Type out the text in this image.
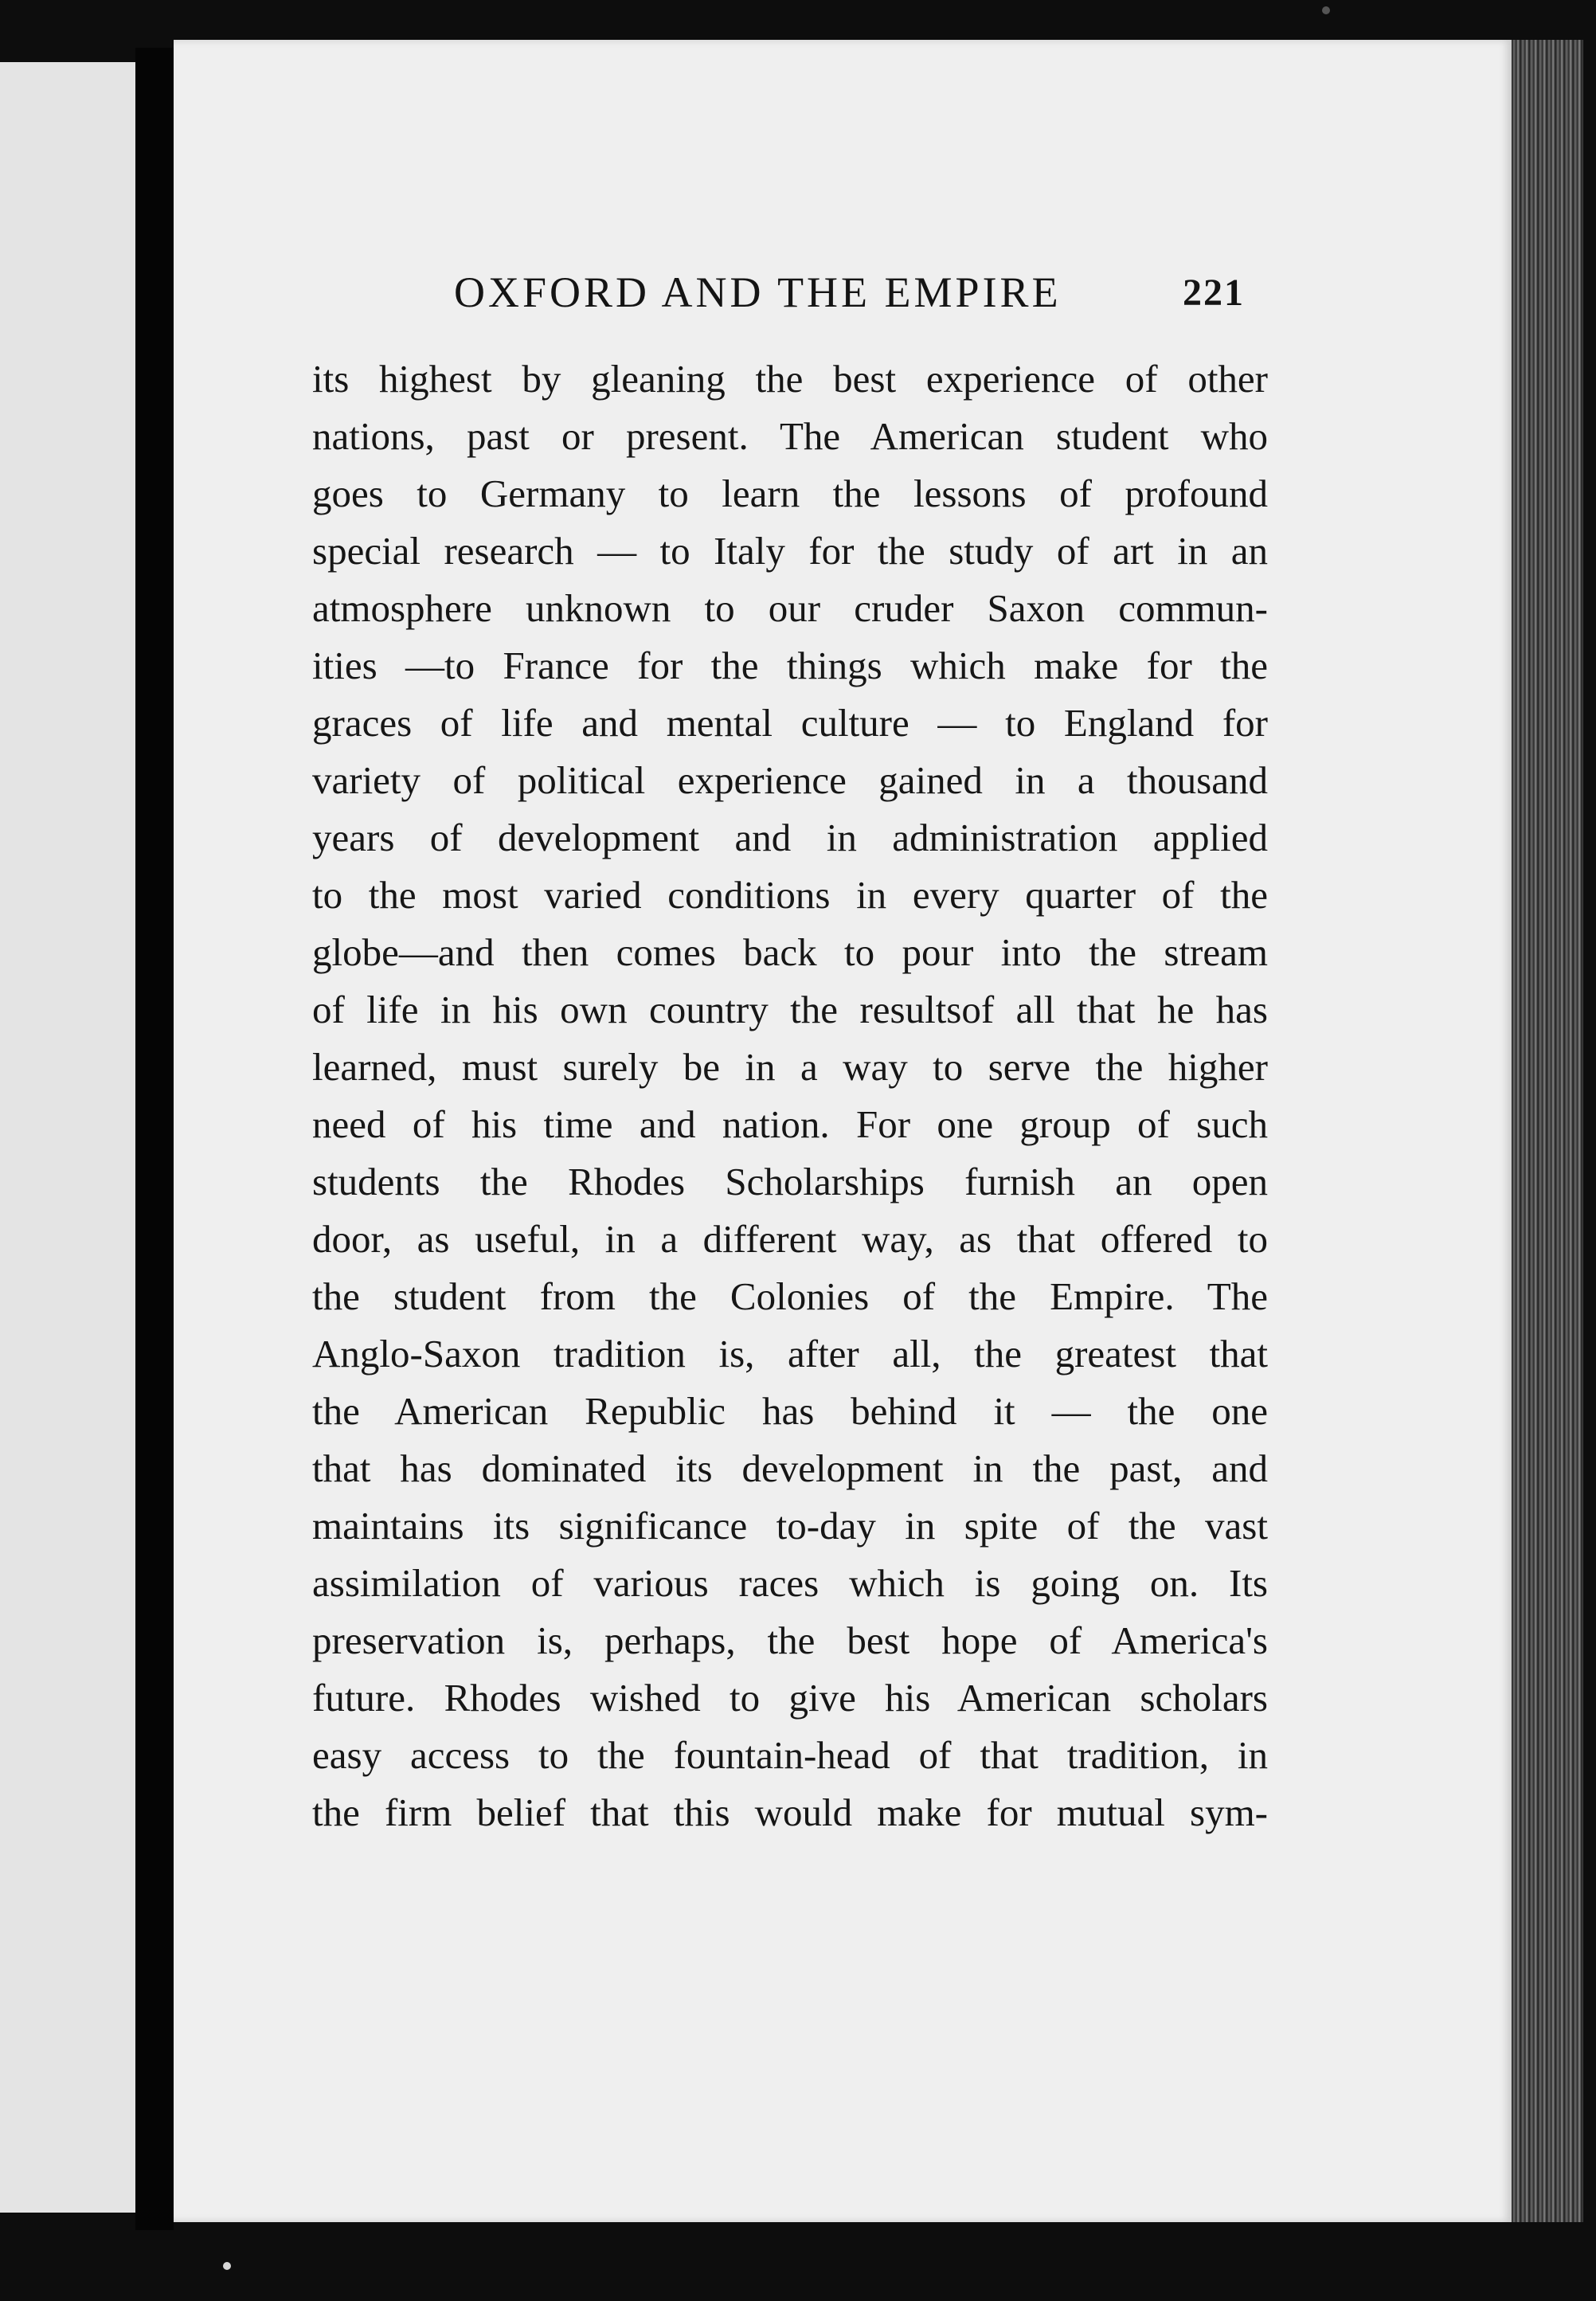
OXFORD AND THE EMPIRE	221
its highest by gleaning the best experience of other
nations, past or present. The American student who
goes to Germany to learn the lessons of profound
special research — to Italy for the study of art in an
atmosphere unknown to our cruder Saxon commun-
ities —to France for the things which make for the
graces of life and mental culture — to England for
variety of political experience gained in a thousand
years of development and in administration applied
to the most varied conditions in every quarter of the
globe—and then comes back to pour into the stream
of life in his own country the resultsof all that he has
learned, must surely be in a way to serve the higher
need of his time and nation. For one group of such
students the Rhodes Scholarships furnish an open
door, as useful, in a different way, as that offered to
the student from the Colonies of the Empire. The
Anglo-Saxon tradition is, after all, the greatest that
the American Republic has behind it — the one
that has dominated its development in the past, and
maintains its significance to-day in spite of the vast
assimilation of various races which is going on. Its
preservation is, perhaps, the best hope of America's
future. Rhodes wished to give his American scholars
easy access to the fountain-head of that tradition, in
the firm belief that this would make for mutual sym-
